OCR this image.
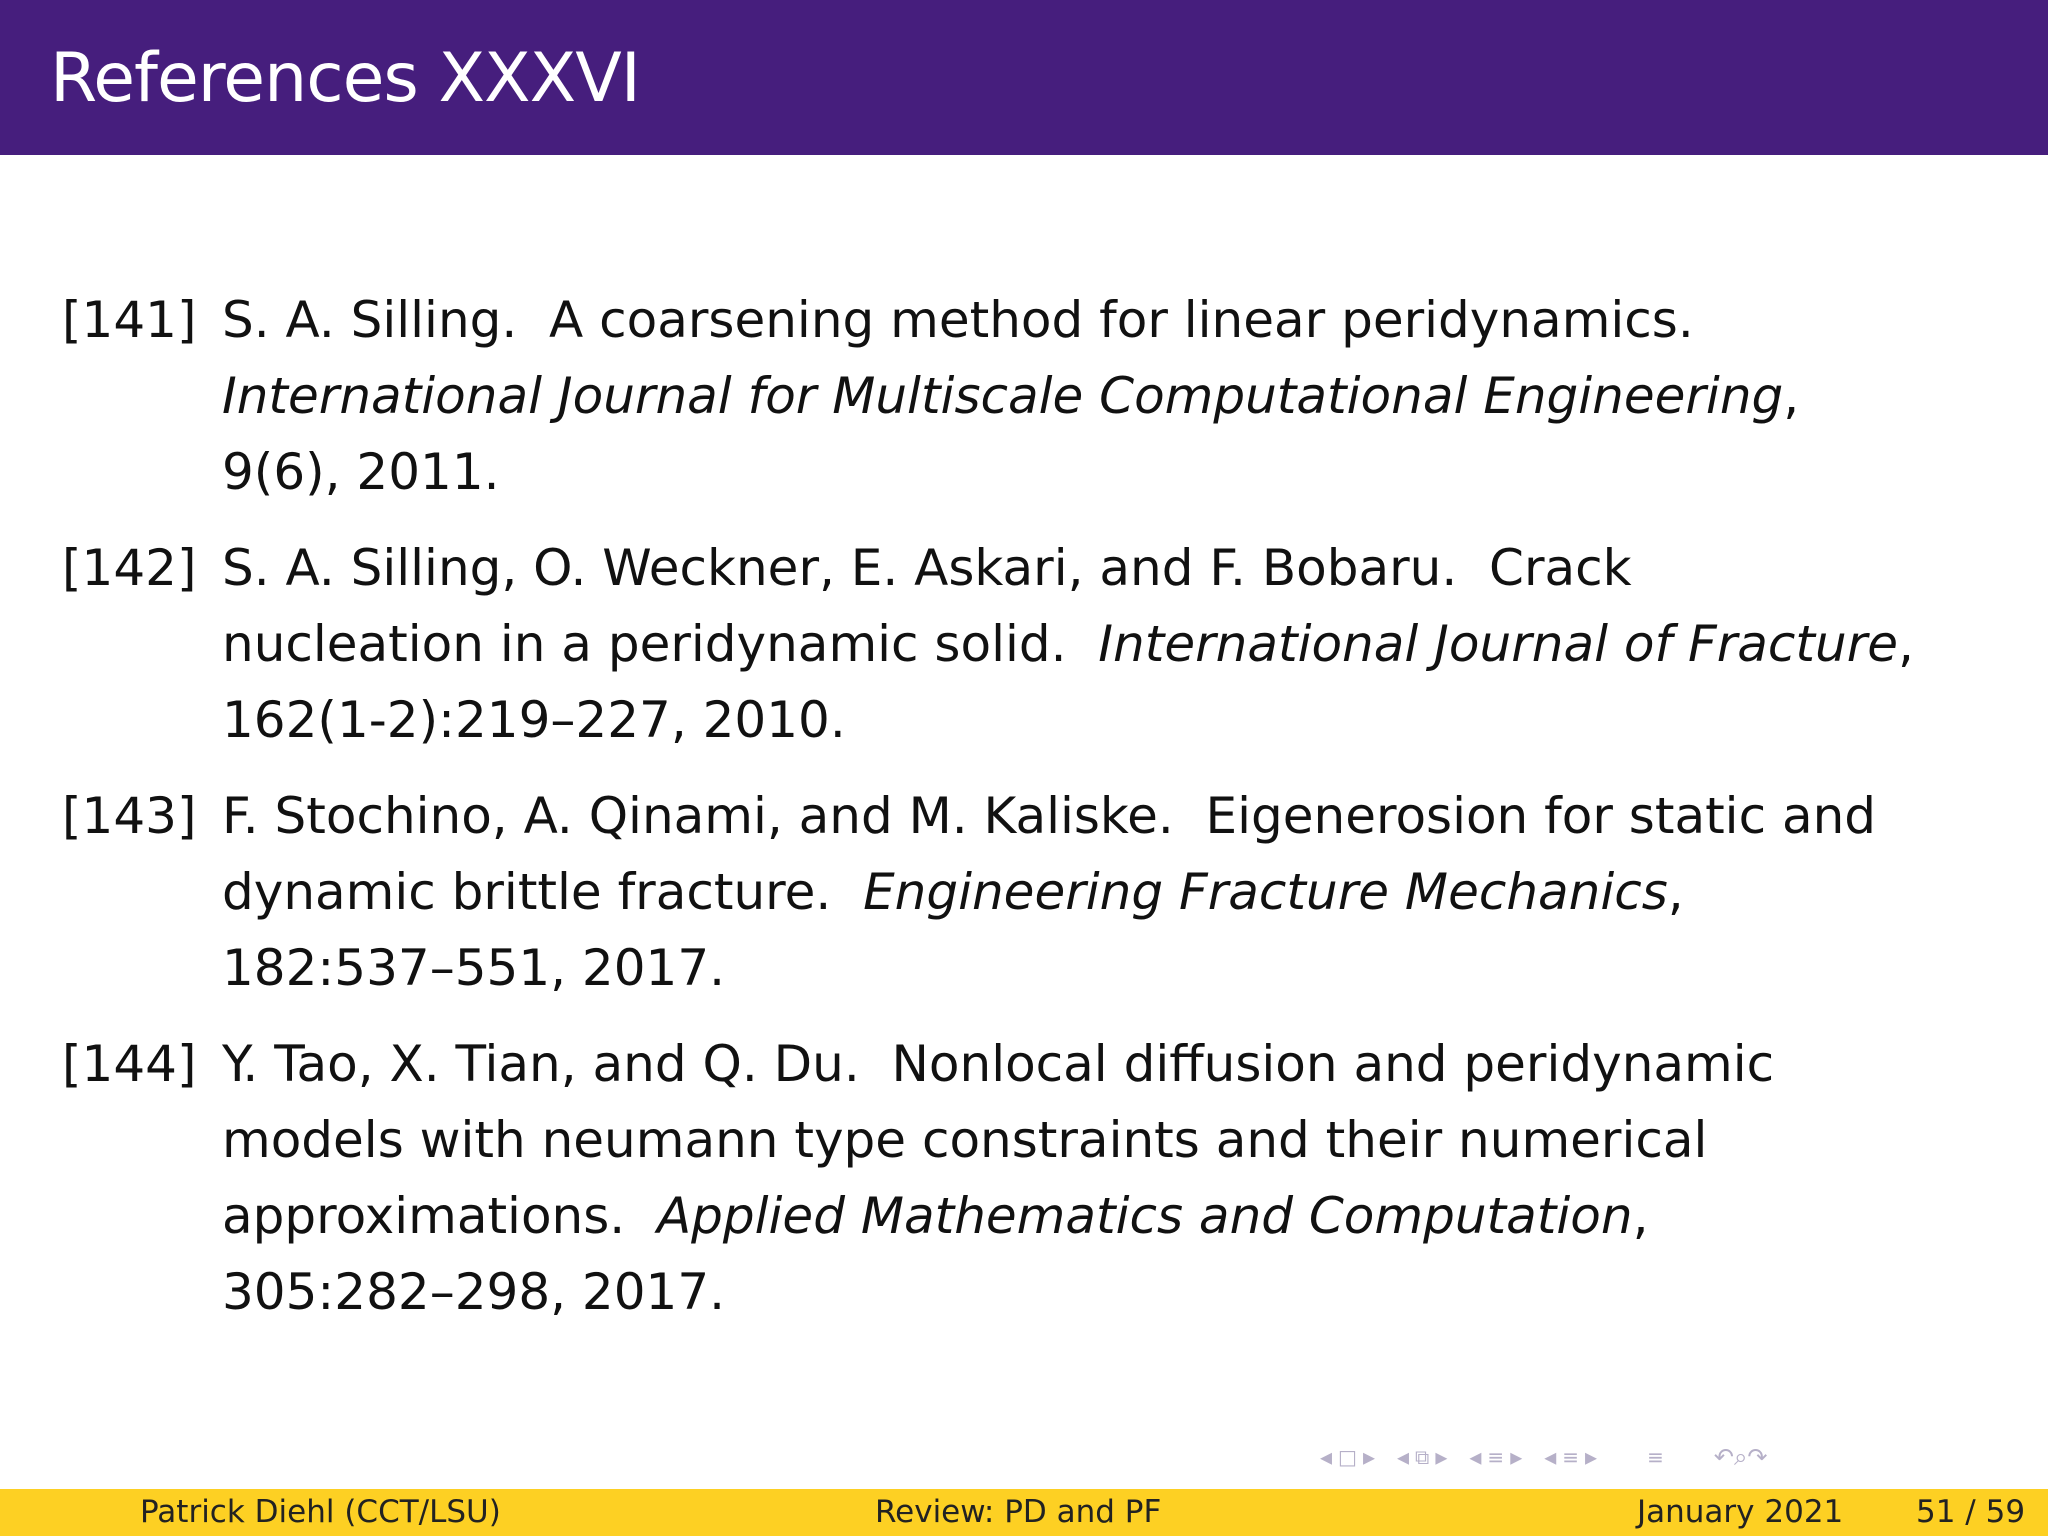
References XXXVI
[141] S. A. Silling.  A coarsening method for linear peridynamics.
International Journal for Multiscale Computational Engineering,
9(6), 2011.
[142] S. A. Silling, O. Weckner, E. Askari, and F. Bobaru.  Crack
nucleation in a peridynamic solid.  International Journal of Fracture,
162(1-2):219–227, 2010.
[143] F. Stochino, A. Qinami, and M. Kaliske.  Eigenerosion for static and
dynamic brittle fracture.  Engineering Fracture Mechanics,
182:537–551, 2017.
[144] Y. Tao, X. Tian, and Q. Du.  Nonlocal diffusion and peridynamic
models with neumann type constraints and their numerical
approximations.  Applied Mathematics and Computation,
305:282–298, 2017.
◂ □ ▸ ◂ ⧉ ▸ ◂ ≡ ▸ ◂ ≡ ▸	≡ ↶ ⌕ ↷
Patrick Diehl (CCT/LSU)	Review: PD and PF	January 2021 51 / 59
